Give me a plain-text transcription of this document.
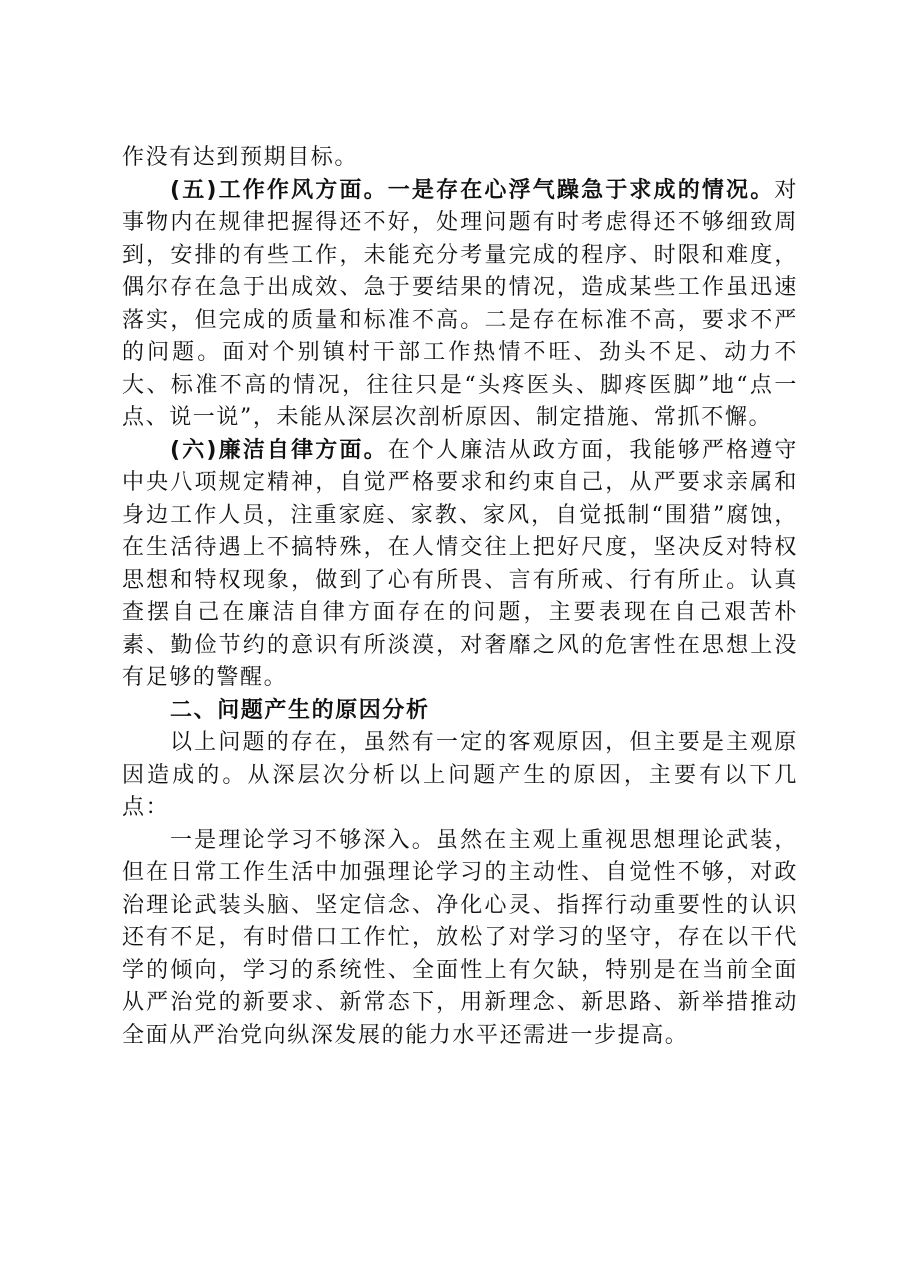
作没有达到预期目标。

(五)工作作风方面。一是存在心浮气躁急于求成的情况。对事物内在规律把握得还不好，处理问题有时考虑得还不够细致周到，安排的有些工作，未能充分考量完成的程序、时限和难度，偶尔存在急于出成效、急于要结果的情况，造成某些工作虽迅速落实，但完成的质量和标准不高。二是存在标准不高，要求不严的问题。面对个别镇村干部工作热情不旺、劲头不足、动力不大、标准不高的情况，往往只是“头疼医头、脚疼医脚”地“点一点、说一说”，未能从深层次剖析原因、制定措施、常抓不懈。

(六)廉洁自律方面。在个人廉洁从政方面，我能够严格遵守中央八项规定精神，自觉严格要求和约束自己，从严要求亲属和身边工作人员，注重家庭、家教、家风，自觉抵制“围猎”腐蚀，在生活待遇上不搞特殊，在人情交往上把好尺度，坚决反对特权思想和特权现象，做到了心有所畏、言有所戒、行有所止。认真查摆自己在廉洁自律方面存在的问题，主要表现在自己艰苦朴素、勤俭节约的意识有所淡漠，对奢靡之风的危害性在思想上没有足够的警醒。

二、问题产生的原因分析

以上问题的存在，虽然有一定的客观原因，但主要是主观原因造成的。从深层次分析以上问题产生的原因，主要有以下几点：

一是理论学习不够深入。虽然在主观上重视思想理论武装，但在日常工作生活中加强理论学习的主动性、自觉性不够，对政治理论武装头脑、坚定信念、净化心灵、指挥行动重要性的认识还有不足，有时借口工作忙，放松了对学习的坚守，存在以干代学的倾向，学习的系统性、全面性上有欠缺，特别是在当前全面从严治党的新要求、新常态下，用新理念、新思路、新举措推动全面从严治党向纵深发展的能力水平还需进一步提高。
